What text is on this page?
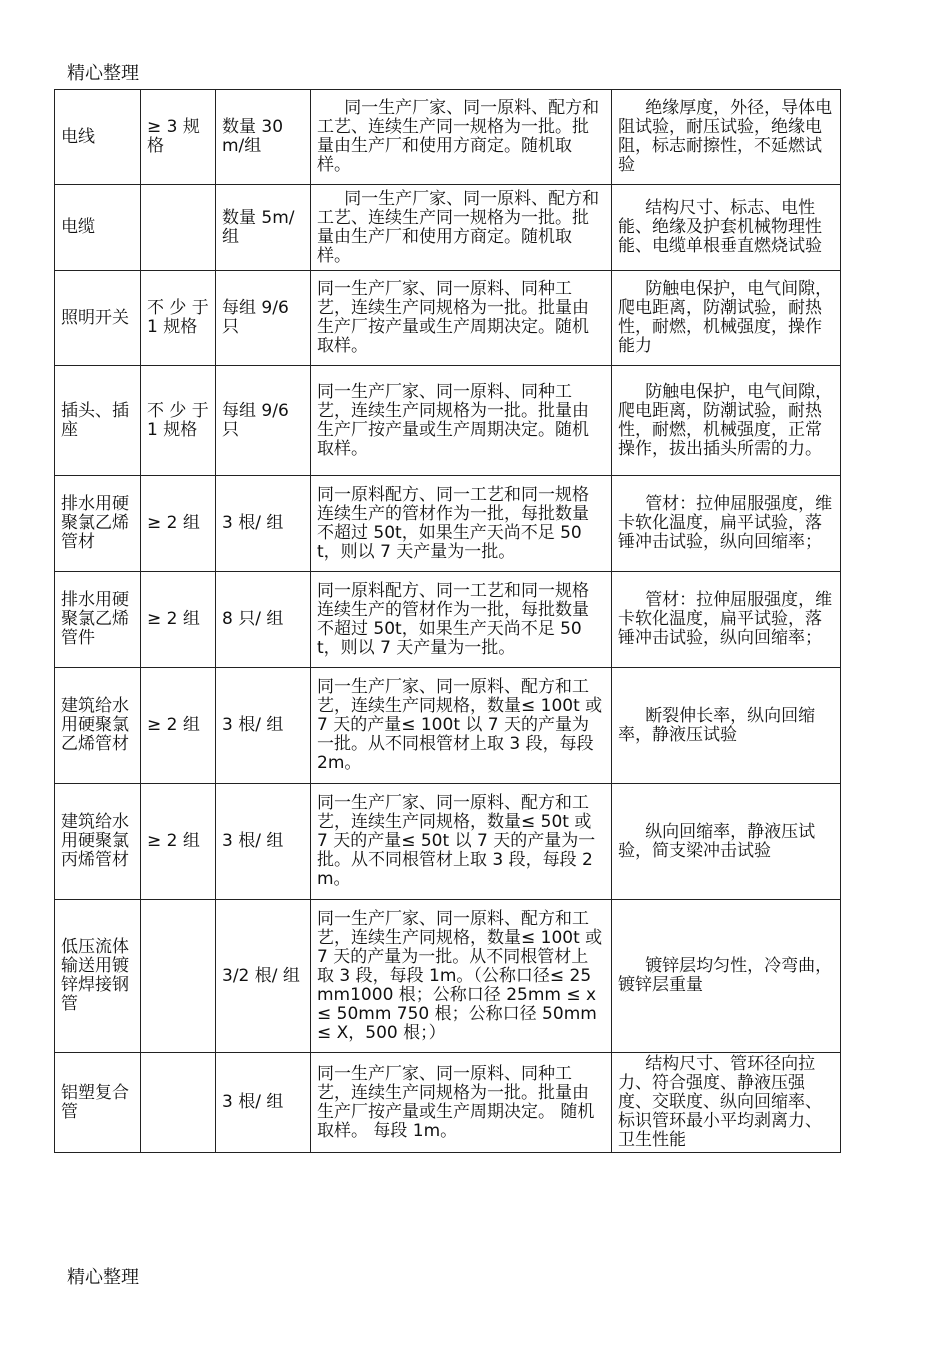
精心整理
电线	≥ 3 规格	数量 30m/组	同一生产厂家、同一原料、配方和工艺、连续生产同一规格为一批。批量由生产厂和使用方商定。随机取样。	绝缘厚度，外径，导体电阻试验，耐压试验，绝缘电阻，标志耐擦性，不延燃试验
电缆		数量 5m/组	同一生产厂家、同一原料、配方和工艺、连续生产同一规格为一批。批量由生产厂和使用方商定。随机取样。	结构尺寸、标志、电性能、绝缘及护套机械物理性能、电缆单根垂直燃烧试验
照明开关	不 少 于 1 规格	每组 9/6 只	同一生产厂家、同一原料、同种工艺，连续生产同规格为一批。批量由生产厂按产量或生产周期决定。随机取样。	防触电保护，电气间隙，爬电距离，防潮试验，耐热性，耐燃，机械强度，操作能力
插头、插座	不 少 于 1 规格	每组 9/6 只	同一生产厂家、同一原料、同种工艺，连续生产同规格为一批。批量由生产厂按产量或生产周期决定。随机取样。	防触电保护，电气间隙，爬电距离，防潮试验，耐热性，耐燃，机械强度，正常操作，拔出插头所需的力。
排水用硬聚氯乙烯管材	≥ 2 组	3 根/ 组	同一原料配方、同一工艺和同一规格连续生产的管材作为一批，每批数量不超过 50t，如果生产天尚不足 50t，则以 7 天产量为一批。	管材：拉伸屈服强度，维卡软化温度，扁平试验，落锤冲击试验，纵向回缩率；
排水用硬聚氯乙烯管件	≥ 2 组	8 只/ 组	同一原料配方、同一工艺和同一规格连续生产的管材作为一批，每批数量不超过 50t，如果生产天尚不足 50t，则以 7 天产量为一批。	管材：拉伸屈服强度，维卡软化温度，扁平试验，落锤冲击试验，纵向回缩率；
建筑给水用硬聚氯乙烯管材	≥ 2 组	3 根/ 组	同一生产厂家、同一原料、配方和工艺，连续生产同规格，数量≤ 100t 或 7 天的产量≤ 100t 以 7 天的产量为一批。从不同根管材上取 3 段，每段 2m。	断裂伸长率，纵向回缩率，静液压试验
建筑给水用硬聚氯丙烯管材	≥ 2 组	3 根/ 组	同一生产厂家、同一原料、配方和工艺，连续生产同规格，数量≤ 50t 或 7 天的产量≤ 50t 以 7 天的产量为一批。从不同根管材上取 3 段，每段 2m。	纵向回缩率，静液压试验，简支梁冲击试验
低压流体输送用镀锌焊接钢管		3/2 根/ 组	同一生产厂家、同一原料、配方和工艺，连续生产同规格，数量≤ 100t 或 7 天的产量为一批。从不同根管材上取 3 段，每段 1m。（公称口径≤ 25mm1000 根；公称口径 25mm ≤ x ≤ 50mm 750 根；公称口径 50mm≤ X，500 根；）	镀锌层均匀性，冷弯曲，镀锌层重量
铝塑复合管		3 根/ 组	同一生产厂家、同一原料、同种工艺，连续生产同规格为一批。批量由生产厂按产量或生产周期决定。 随机取样。 每段 1m。	结构尺寸、管环径向拉力、符合强度、静液压强度、交联度、纵向回缩率、标识管环最小平均剥离力、卫生性能
精心整理
